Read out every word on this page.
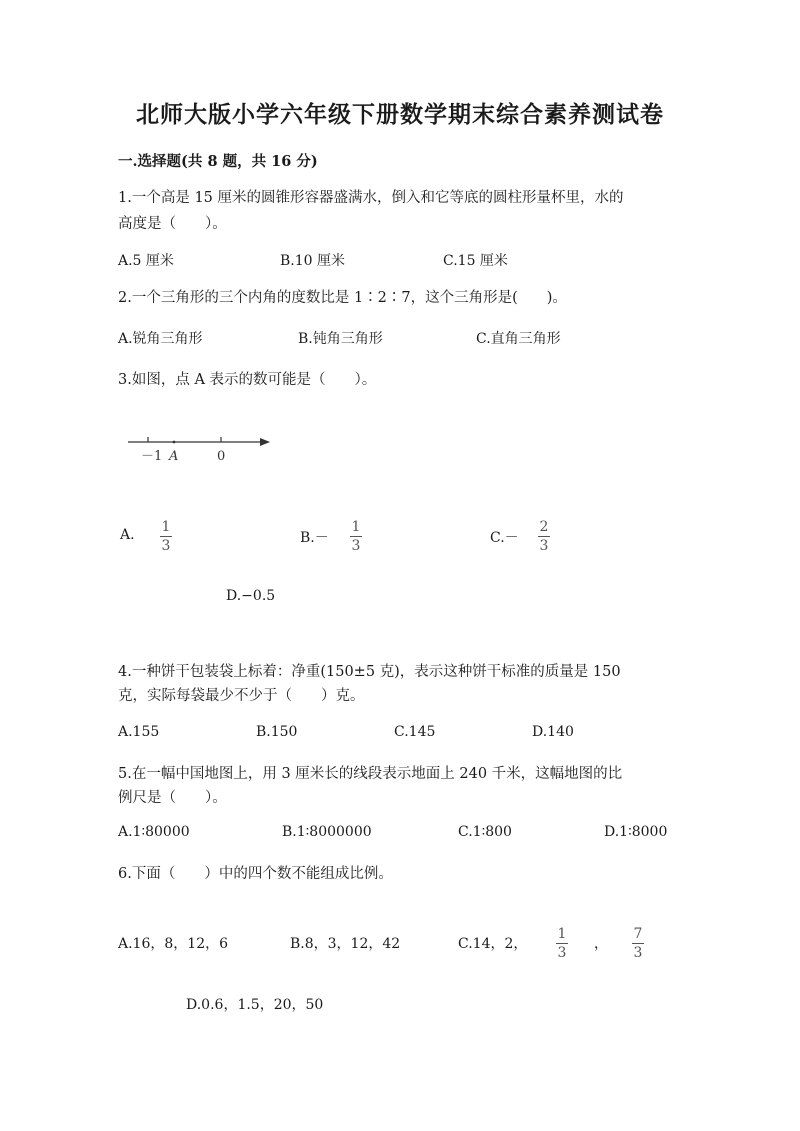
北师大版小学六年级下册数学期末综合素养测试卷
一.选择题(共 8 题，共 16 分)
1.一个高是 15 厘米的圆锥形容器盛满水，倒入和它等底的圆柱形量杯里，水的
高度是（　　）。
A.5 厘米	B.10 厘米	C.15 厘米
2.一个三角形的三个内角的度数比是 1∶2∶7，这个三角形是(　　)。
A.锐角三角形	B.钝角三角形	C.直角三角形
3.如图，点 A 表示的数可能是（　　）。
－1 A	0
A. 1
3	B.－
1
3	C.－
2
3
D.−0.5
4.一种饼干包装袋上标着：净重(150±5 克)，表示这种饼干标准的质量是 150
克，实际每袋最少不少于（　　）克。
A.155	B.150	C.145	D.140
5.在一幅中国地图上，用 3 厘米长的线段表示地面上 240 千米，这幅地图的比
例尺是（　　）。
A.1∶80000	B.1∶8000000	C.1∶800	D.1∶8000
6.下面（　　）中的四个数不能组成比例。
A.16，8，12，6	B.8，3，12，42	C.14，2，
1
3
，
7
3
D.0.6，1.5，20，50
